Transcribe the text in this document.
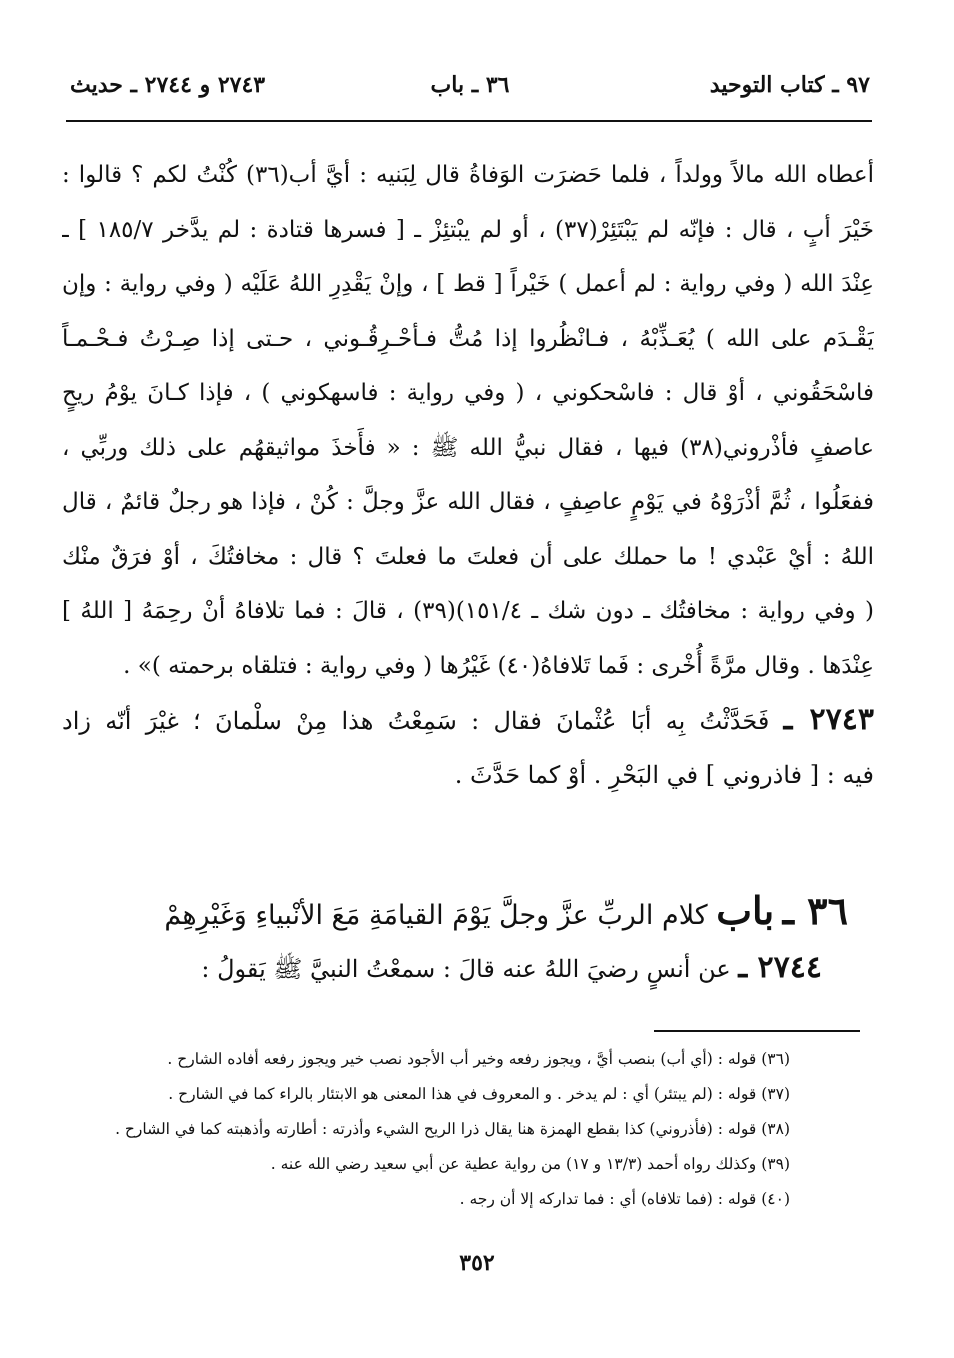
٩٧ ـ كتاب التوحيد
٣٦ ـ باب
٢٧٤٣ و ٢٧٤٤ ـ حديث
أعطاه الله مالاً وولداً ، فلما حَضرَت الوَفاةُ قال لِبَنيه : أيَّ أب(٣٦) كُنْتُ لكم ؟ قالوا :
خَيْرَ أبٍ ، قال : فإنّه لم يَبْتَئِرْ(٣٧) ، أو لم يبْتئِزْ ـ [ فسرها قتادة : لم يدَّخر ١٨٥/٧ ] ـ
عِنْدَ الله ( وفي رواية : لم أعمل ) خَيْراً [ قط ] ، وإنْ يَقْدِرِ اللهُ عَلَيْه ( وفي رواية : وإن
يَقْـدَم على الله ) يُعَـذِّبْهُ ، فـانْظُروا إذا مُتُّ فـأحْـرِقُـوني ، حـتى إذا صِـرْتُ فـحْـمـاً
فاسْحَقُوني ، أوْ قال : فاسْحكوني ، ( وفي رواية : فاسهكوني ) ، فإذا كـانَ يوْمُ ريحٍ
عاصفٍ فأذْروني(٣٨) فيها ، فقال نبيُّ الله ﷺ : « فأَخذَ مواثيقهُم على ذلك وربِّي ،
ففعَلُوا ، ثُمَّ أذْرَوْهُ في يَوْمٍ عاصِفٍ ، فقال الله عزَّ وجلَّ : كُنْ ، فإذا هو رجلٌ قائمٌ ، قال
اللهُ : أيْ عَبْدي ! ما حملك على أن فعلتَ ما فعلتَ ؟ قال : مخافتُكَ ، أوْ فرَقٌ منْك
( وفي رواية : مخافتُك ـ دون شك ـ ١٥١/٤)(٣٩) ، قالَ : فما تلافاهُ أنْ رحِمَهُ [ اللهُ ]
عِنْدَها . وقال مرَّةً أُخْرى : فَما تَلافاهُ(٤٠) غَيْرُها ( وفي رواية : فتلقاه برحمته )» .
٢٧٤٣ ـ فَحَدَّثْتُ بِه أبَا عُثْمانَ فقال : سَمِعْتُ هذا مِنْ سلْمانَ ؛ غيْرَ أنّه زاد
فيه : [ فاذروني ] في البَحْرِ . أوْ كما حَدَّثَ .
٣٦ ـ باب كلام الربِّ عزَّ وجلَّ يَوْمَ القيامَةِ مَعَ الأنْبياءِ وَغَيْرِهِمْ
٢٧٤٤ ـ عن أنسٍ رضيَ اللهُ عنه قالَ : سمعْتُ النبيَّ ﷺ يَقولُ :
(٣٦) قوله : (أي أب) بنصب أيَّ ، ويجوز رفعه وخير أب الأجود نصب خير ويجوز رفعه أفاده الشارح .
(٣٧) قوله : (لم يبتئر) أي : لم يدخر . و المعروف في هذا المعنى هو الابتئار بالراء كما في الشارح .
(٣٨) قوله : (فأذروني) كذا بقطع الهمزة هنا يقال ذرا الريح الشيء وأذرته : أطارته وأذهبته كما في الشارح .
(٣٩) وكذلك رواه أحمد (١٣/٣ و ١٧) من رواية عطية عن أبي سعيد رضي الله عنه .
(٤٠) قوله : (فما تلافاه) أي : فما تداركه إلا أن رجه .
٣٥٢
